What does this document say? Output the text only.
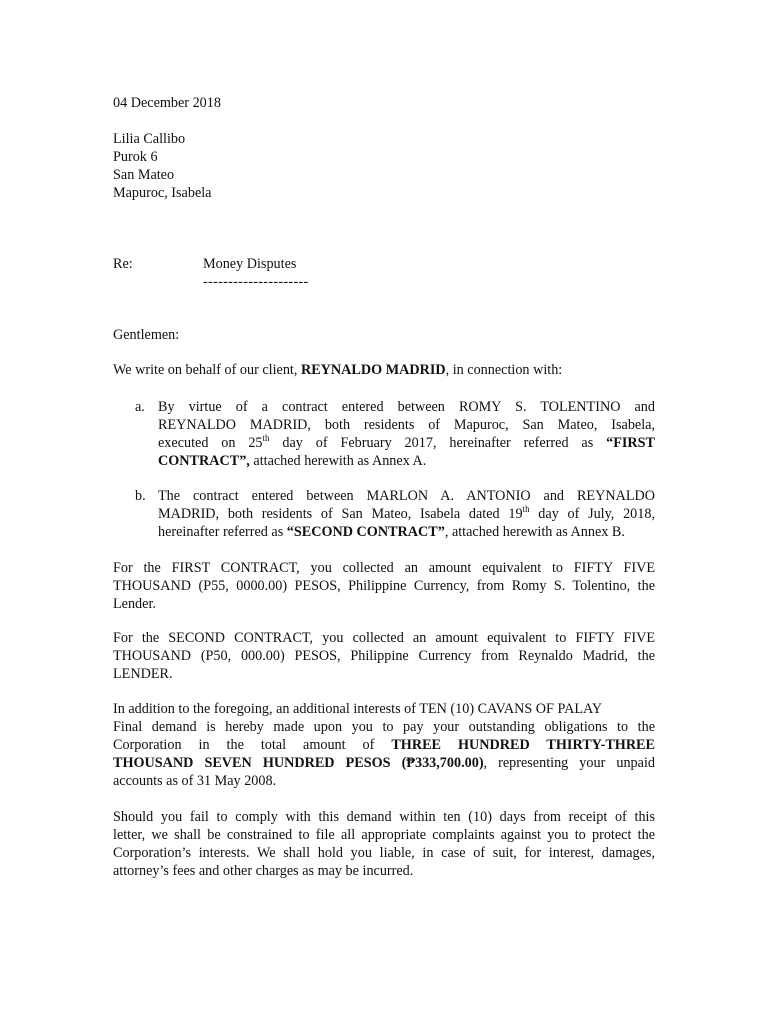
04 December 2018
Lilia Callibo
Purok 6
San Mateo
Mapuroc, Isabela
Re:	Money Disputes
---------------------
Gentlemen:
We write on behalf of our client, REYNALDO MADRID, in connection with:
a. By virtue of a contract entered between ROMY S. TOLENTINO and
REYNALDO MADRID, both residents of Mapuroc, San Mateo, Isabela,
executed on 25th day of February 2017, hereinafter referred as “FIRST
CONTRACT”, attached herewith as Annex A.
b. The contract entered between MARLON A. ANTONIO and REYNALDO
MADRID, both residents of San Mateo, Isabela dated 19th day of July, 2018,
hereinafter referred as “SECOND CONTRACT”, attached herewith as Annex B.
For the FIRST CONTRACT, you collected an amount equivalent to FIFTY FIVE
THOUSAND (P55, 0000.00) PESOS, Philippine Currency, from Romy S. Tolentino, the
Lender.
For the SECOND CONTRACT, you collected an amount equivalent to FIFTY FIVE
THOUSAND (P50, 000.00) PESOS, Philippine Currency from Reynaldo Madrid, the
LENDER.
In addition to the foregoing, an additional interests of TEN (10) CAVANS OF PALAY
Final demand is hereby made upon you to pay your outstanding obligations to the
Corporation in the total amount of THREE HUNDRED THIRTY-THREE
THOUSAND SEVEN HUNDRED PESOS (₱333,700.00), representing your unpaid
accounts as of 31 May 2008.
Should you fail to comply with this demand within ten (10) days from receipt of this
letter, we shall be constrained to file all appropriate complaints against you to protect the
Corporation’s interests. We shall hold you liable, in case of suit, for interest, damages,
attorney’s fees and other charges as may be incurred.
